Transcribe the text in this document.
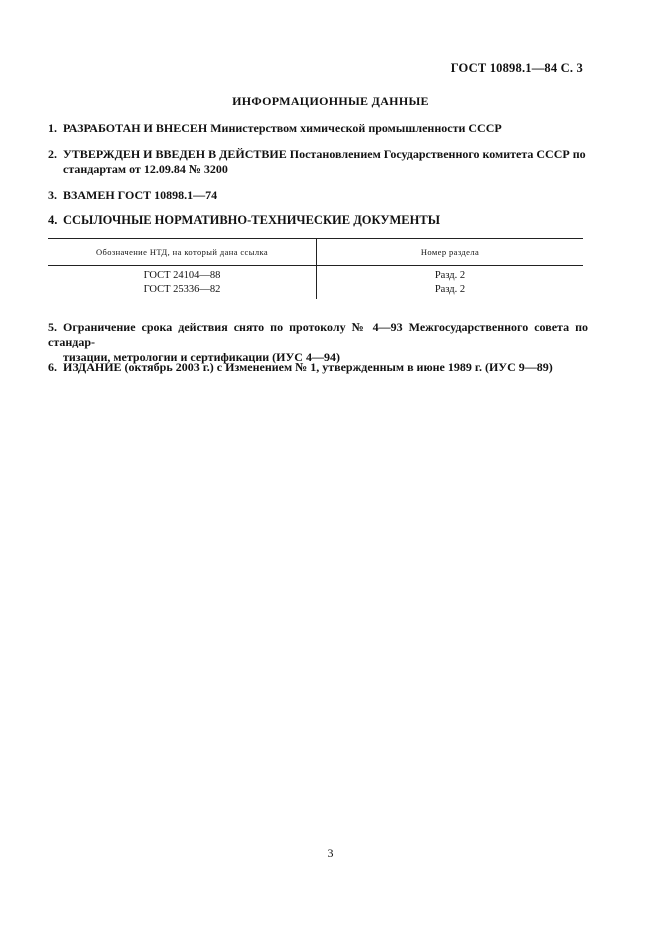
ГОСТ 10898.1—84 С. 3
ИНФОРМАЦИОННЫЕ ДАННЫЕ
1. РАЗРАБОТАН И ВНЕСЕН Министерством химической промышленности СССР
2. УТВЕРЖДЕН И ВВЕДЕН В ДЕЙСТВИЕ Постановлением Государственного комитета СССР по
стандартам от 12.09.84 № 3200
3. ВЗАМЕН ГОСТ 10898.1—74
4. ССЫЛОЧНЫЕ НОРМАТИВНО-ТЕХНИЧЕСКИЕ ДОКУМЕНТЫ
Обозначение НТД, на который дана ссылка	Номер раздела
ГОСТ 24104—88	Разд. 2
ГОСТ 25336—82	Разд. 2
5. Ограничение срока действия снято по протоколу № 4—93 Межгосударственного совета по стандар-
тизации, метрологии и сертификации (ИУС 4—94)
6. ИЗДАНИЕ (октябрь 2003 г.) с Изменением № 1, утвержденным в июне 1989 г. (ИУС 9—89)
3
